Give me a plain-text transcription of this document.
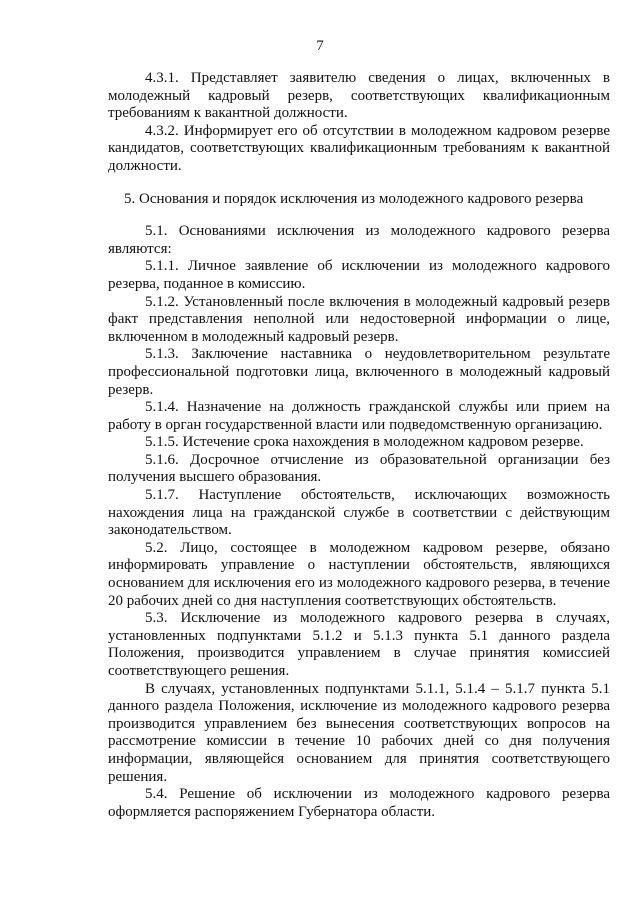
7

4.3.1. Представляет заявителю сведения о лицах, включенных в молодежный кадровый резерв, соответствующих квалификационным требованиям к вакантной должности.

4.3.2. Информирует его об отсутствии в молодежном кадровом резерве кандидатов, соответствующих квалификационным требованиям к вакантной должности.

5. Основания и порядок исключения из молодежного кадрового резерва

5.1. Основаниями исключения из молодежного кадрового резерва являются:

5.1.1. Личное заявление об исключении из молодежного кадрового резерва, поданное в комиссию.

5.1.2. Установленный после включения в молодежный кадровый резерв факт представления неполной или недостоверной информации о лице, включенном в молодежный кадровый резерв.

5.1.3. Заключение наставника о неудовлетворительном результате профессиональной подготовки лица, включенного в молодежный кадровый резерв.

5.1.4. Назначение на должность гражданской службы или прием на работу в орган государственной власти или подведомственную организацию.

5.1.5. Истечение срока нахождения в молодежном кадровом резерве.

5.1.6. Досрочное отчисление из образовательной организации без получения высшего образования.

5.1.7. Наступление обстоятельств, исключающих возможность нахождения лица на гражданской службе в соответствии с действующим законодательством.

5.2. Лицо, состоящее в молодежном кадровом резерве, обязано информировать управление о наступлении обстоятельств, являющихся основанием для исключения его из молодежного кадрового резерва, в течение 20 рабочих дней со дня наступления соответствующих обстоятельств.

5.3. Исключение из молодежного кадрового резерва в случаях, установленных подпунктами 5.1.2 и 5.1.3 пункта 5.1 данного раздела Положения, производится управлением в случае принятия комиссией соответствующего решения.

В случаях, установленных подпунктами 5.1.1, 5.1.4 – 5.1.7 пункта 5.1 данного раздела Положения, исключение из молодежного кадрового резерва производится управлением без вынесения соответствующих вопросов на рассмотрение комиссии в течение 10 рабочих дней со дня получения информации, являющейся основанием для принятия соответствующего решения.

5.4. Решение об исключении из молодежного кадрового резерва оформляется распоряжением Губернатора области.
